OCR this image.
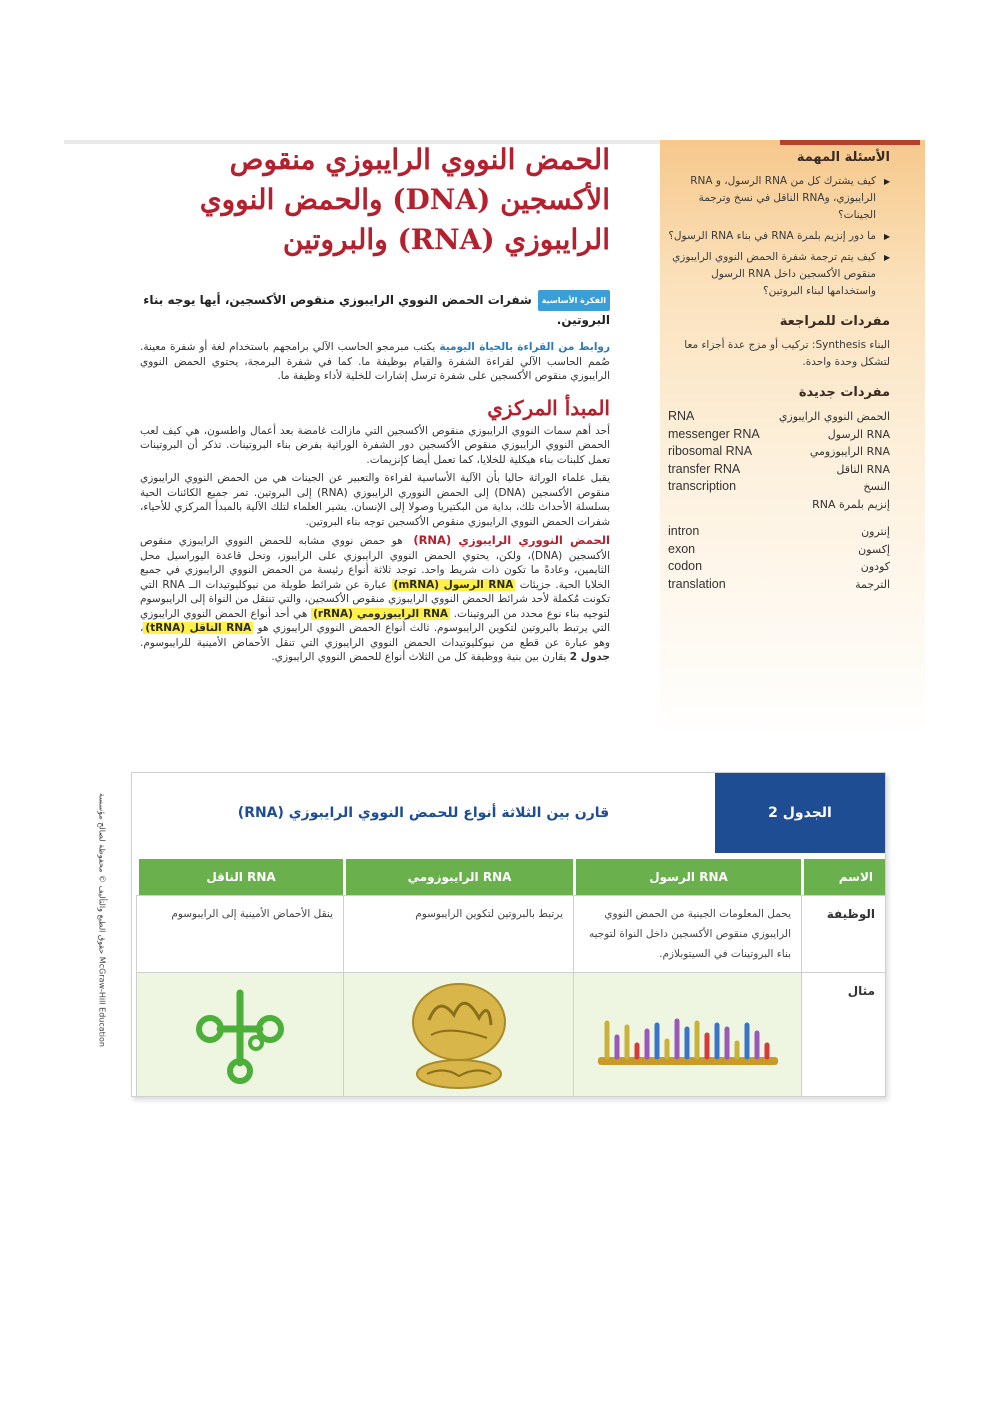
الأسئلة المهمة
◀ كيف يشترك كل من RNA الرسول، و RNA الرايبوزي، وRNA الناقل في نسخ وترجمة الجينات؟
◀ ما دور إنزيم بلمرة RNA في بناء RNA الرسول؟
◀ كيف يتم ترجمة شفرة الحمض النووي الرايبوزي منقوص الأكسجين داخل RNA الرسول واستخدامها لبناء البروتين؟
مفردات للمراجعة
البناء Synthesis: تركيب أو مزج عدة أجزاء معا لتشكل وحدة واحدة.
مفردات جديدة
الحمض النووي الرايبوزي
RNA
RNA الرسول
messenger RNA
RNA الرايبوزومي
ribosomal RNA
RNA الناقل
transfer RNA
النسخ
transcription
إنزيم بلمرة RNA
إنترون
intron
إكسون
exon
كودون
codon
الترجمة
translation
الحمض النووي الرايبوزي منقوص الأكسجين (DNA) والحمض النووي الرايبوزي (RNA) والبروتين
الفكرة الأساسيةشفرات الحمض النووي الرايبوزي منقوص الأكسجين، أيها يوجه بناء البروتين.

روابط من القراءة بالحياة اليوميةيكتب مبرمجو الحاسب الآلي برامجهم باستخدام لغة أو شفرة معينة. صُمم الحاسب الآلي لقراءة الشفرة والقيام بوظيفة ما. كما في شفرة البرمجة، يحتوي الحمض النووي الرايبوزي منقوص الأكسجين على شفرة ترسل إشارات للخلية لأداء وظيفة ما.

المبدأ المركزي

أحد أهم سمات النووي الرايبوزي منقوص الأكسجين التي مازالت غامضة بعد أعمال واطسون، هي كيف لعب الحمض النووي الرايبوزي منقوص الأكسجين دور الشفرة الوراثية بفرض بناء البروتينات. تذكر أن البروتينات تعمل كلبنات بناء هيكلية للخلايا، كما تعمل أيضا كإنزيمات.

يقبل علماء الوراثة حاليا بأن الآلية الأساسية لقراءة والتعبير عن الجينات هي من الحمض النووي الرايبوزي منقوص الأكسجين (DNA) إلى الحمض النووري الرايبوزي (RNA) إلى البروتين. تمر جميع الكائنات الحية بسلسلة الأحداث تلك، بداية من البكتيريا وصولا إلى الإنسان. يشير العلماء لتلك الآلية بالمبدأ المركزي للأحياء، شفرات الحمض النووي الرايبوزي منقوص الأكسجين توجه بناء البروتين.

الحمض النووري الرايبوزي (RNA) هو حمض نووي مشابه للحمض النووي الرايبوزي منقوص الأكسجين (DNA)، ولكن، يحتوي الحمض النووي الرايبوزي على الرايبوز، وتحل قاعدة اليوراسيل محل الثايمين، وعادةً ما تكون ذات شريط واحد. توجد ثلاثة أنواع رئيسة من الحمض النووي الرايبوزي في جميع الخلايا الحية. جزيئات RNA الرسول (mRNA) عبارة عن شرائط طويلة من نيوكليوتيدات الــ RNA التي تكونت مُكملة لأحد شرائط الحمض النووي الرايبوزي منقوص الأكسجين، والتي تنتقل من النواة إلى الرايبوسوم لتوجيه بناء نوع محدد من البروتينات. RNA الرايبوزومي (rRNA) هي أحد أنواع الحمض النووي الرايبوزي التي يرتبط بالبروتين لتكوين الرايبوسوم. ثالث أنواع الحمض النووي الرايبوزي هو RNA الناقل (tRNA)، وهو عبارة عن قطع من نيوكليوتيدات الحمض النووي الرايبوزي التي تنقل الأحماض الأمينية للرايبوسوم. جدول 2 يقارن بين بنية ووظيفة كل من الثلاث أنواع للحمض النووي الرايبوزي.

McGraw-Hill Education حقوق الطبع والتأليف © محفوظة لصالح مؤسسة
الجدول 2
قارن بين الثلاثة أنواع للحمض النووي الرايبوزي (RNA)
الاسم
RNA الرسول
RNA الرايبوزومي
RNA الناقل
الوظيفة
يحمل المعلومات الجينية من الحمض النووي الرايبوزي منقوص الأكسجين داخل النواة لتوجيه بناء البروتينات في السيتوبلازم.
يرتبط بالبروتين لتكوين الرايبوسوم
ينقل الأحماض الأمينية إلى الرايبوسوم
مثال
